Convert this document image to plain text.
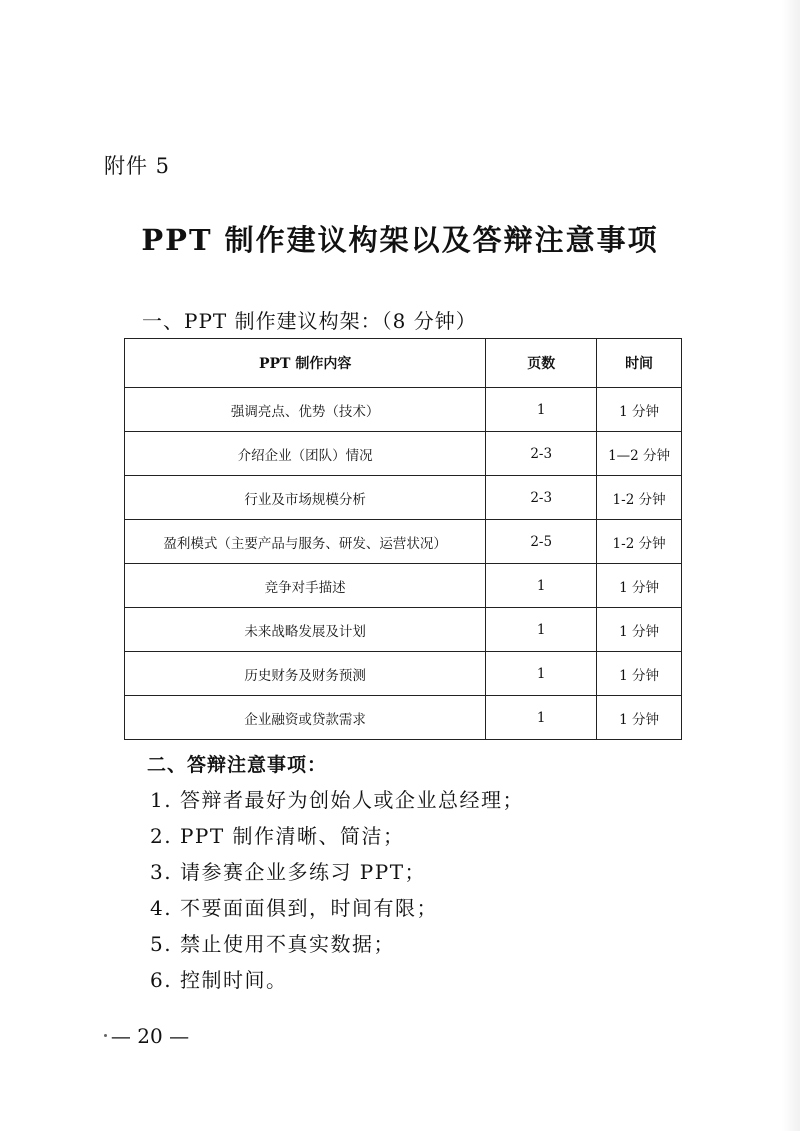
附件 5
PPT 制作建议构架以及答辩注意事项
一、PPT 制作建议构架：（8 分钟）
PPT 制作内容	页数	时间
强调亮点、优势（技术）	1	1 分钟
介绍企业（团队）情况	2-3	1—2 分钟
行业及市场规模分析	2-3	1-2 分钟
盈利模式（主要产品与服务、研发、运营状况）	2-5	1-2 分钟
竞争对手描述	1	1 分钟
未来战略发展及计划	1	1 分钟
历史财务及财务预测	1	1 分钟
企业融资或贷款需求	1	1 分钟
二、答辩注意事项：
1. 答辩者最好为创始人或企业总经理；
2. PPT 制作清晰、简洁；
3. 请参赛企业多练习 PPT；
4. 不要面面俱到，时间有限；
5. 禁止使用不真实数据；
6. 控制时间。
— 20 —
